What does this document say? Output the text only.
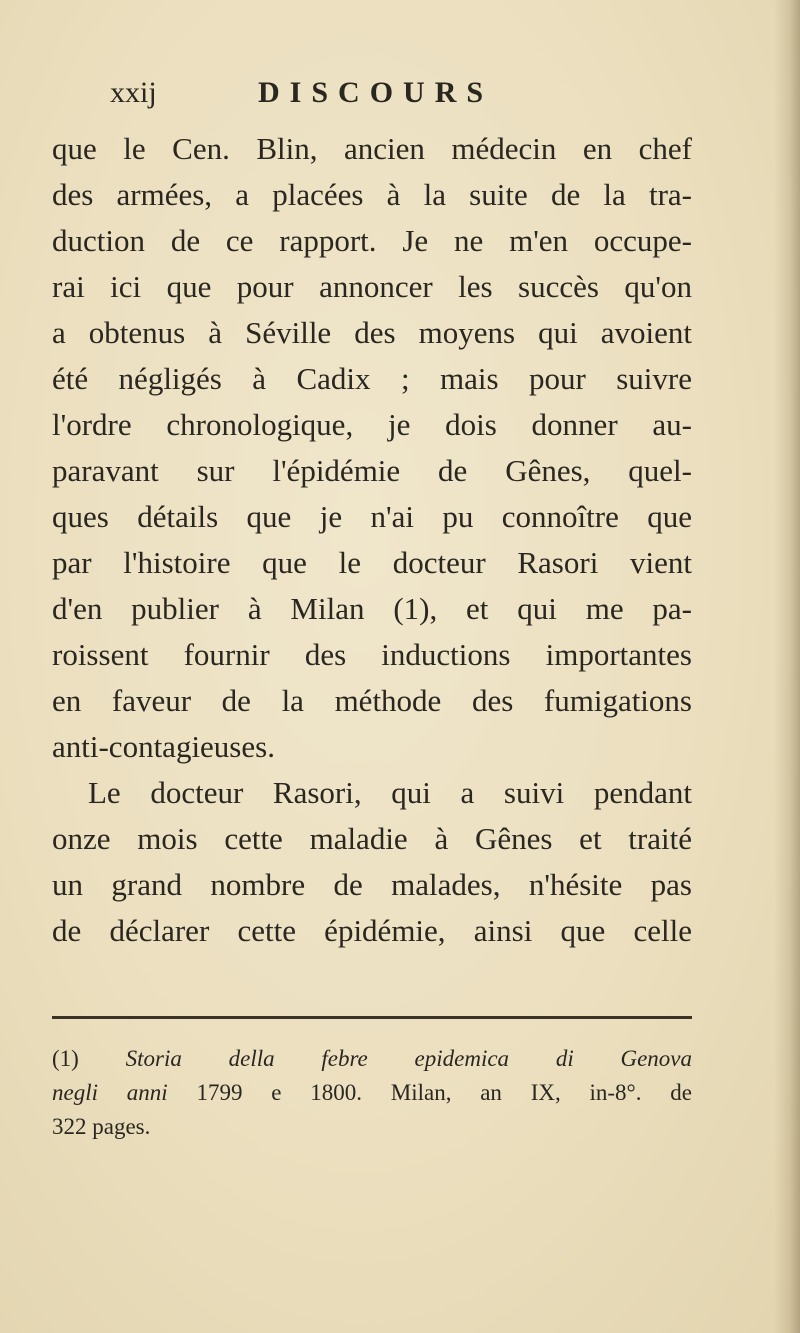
xxij	DISCOURS
que le Cen. Blin, ancien médecin en chef
des armées, a placées à la suite de la tra-
duction de ce rapport. Je ne m'en occupe-
rai ici que pour annoncer les succès qu'on
a obtenus à Séville des moyens qui avoient
été négligés à Cadix ; mais pour suivre
l'ordre chronologique, je dois donner au-
paravant sur l'épidémie de Gênes, quel-
ques détails que je n'ai pu connoître que
par l'histoire que le docteur Rasori vient
d'en publier à Milan (1), et qui me pa-
roissent fournir des inductions importantes
en faveur de la méthode des fumigations
anti-contagieuses.
Le docteur Rasori, qui a suivi pendant
onze mois cette maladie à Gênes et traité
un grand nombre de malades, n'hésite pas
de déclarer cette épidémie, ainsi que celle
(1) Storia della febre epidemica di Genova
negli anni 1799 e 1800. Milan, an IX, in-8°. de
322 pages.
